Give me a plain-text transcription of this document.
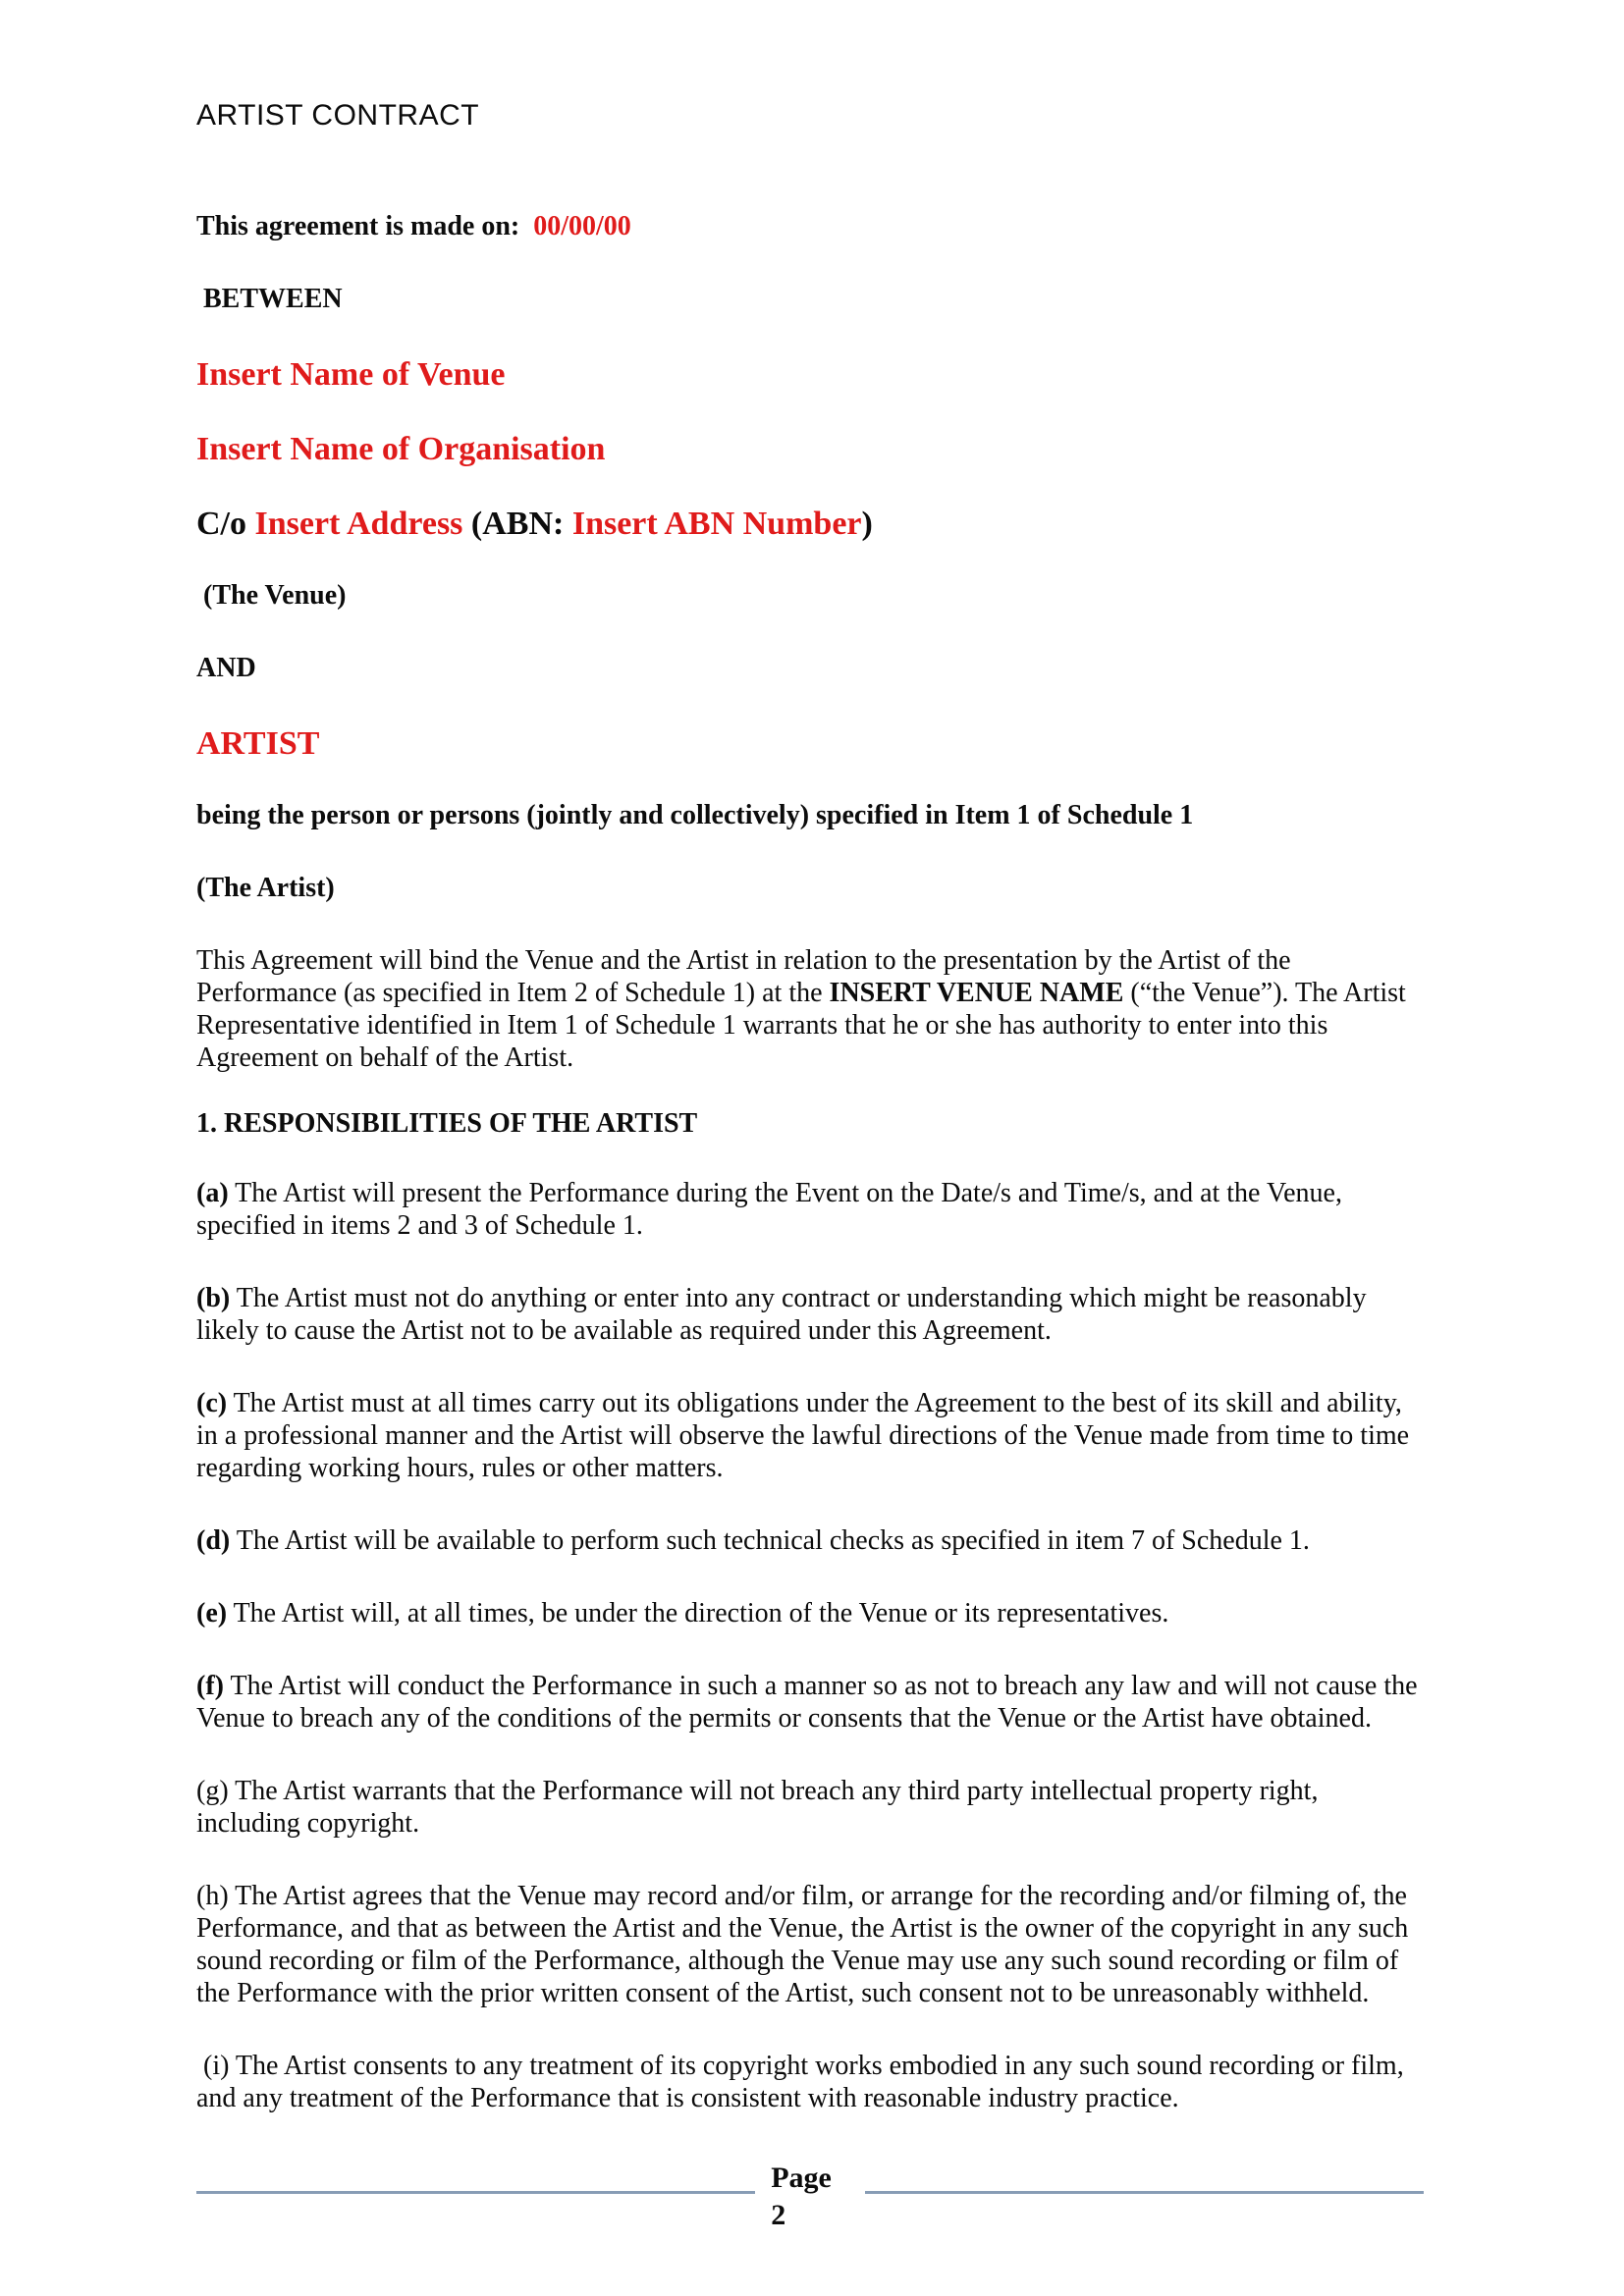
ARTIST CONTRACT

This agreement is made on:  00/00/00

BETWEEN

Insert Name of Venue

Insert Name of Organisation

C/o Insert Address (ABN: Insert ABN Number)

(The Venue)

AND

ARTIST

being the person or persons (jointly and collectively) specified in Item 1 of Schedule 1

(The Artist)

This Agreement will bind the Venue and the Artist in relation to the presentation by the Artist of the Performance (as specified in Item 2 of Schedule 1) at the INSERT VENUE NAME (“the Venue”). The Artist Representative identified in Item 1 of Schedule 1 warrants that he or she has authority to enter into this Agreement on behalf of the Artist.

1. RESPONSIBILITIES OF THE ARTIST

(a) The Artist will present the Performance during the Event on the Date/s and Time/s, and at the Venue, specified in items 2 and 3 of Schedule 1.

(b) The Artist must not do anything or enter into any contract or understanding which might be reasonably likely to cause the Artist not to be available as required under this Agreement.

(c) The Artist must at all times carry out its obligations under the Agreement to the best of its skill and ability, in a professional manner and the Artist will observe the lawful directions of the Venue made from time to time regarding working hours, rules or other matters.

(d) The Artist will be available to perform such technical checks as specified in item 7 of Schedule 1.

(e) The Artist will, at all times, be under the direction of the Venue or its representatives.

(f) The Artist will conduct the Performance in such a manner so as not to breach any law and will not cause the Venue to breach any of the conditions of the permits or consents that the Venue or the Artist have obtained.

(g) The Artist warrants that the Performance will not breach any third party intellectual property right, including copyright.

(h) The Artist agrees that the Venue may record and/or film, or arrange for the recording and/or filming of, the Performance, and that as between the Artist and the Venue, the Artist is the owner of the copyright in any such sound recording or film of the Performance, although the Venue may use any such sound recording or film of the Performance with the prior written consent of the Artist, such consent not to be unreasonably withheld.

(i) The Artist consents to any treatment of its copyright works embodied in any such sound recording or film, and any treatment of the Performance that is consistent with reasonable industry practice.

Page
2
